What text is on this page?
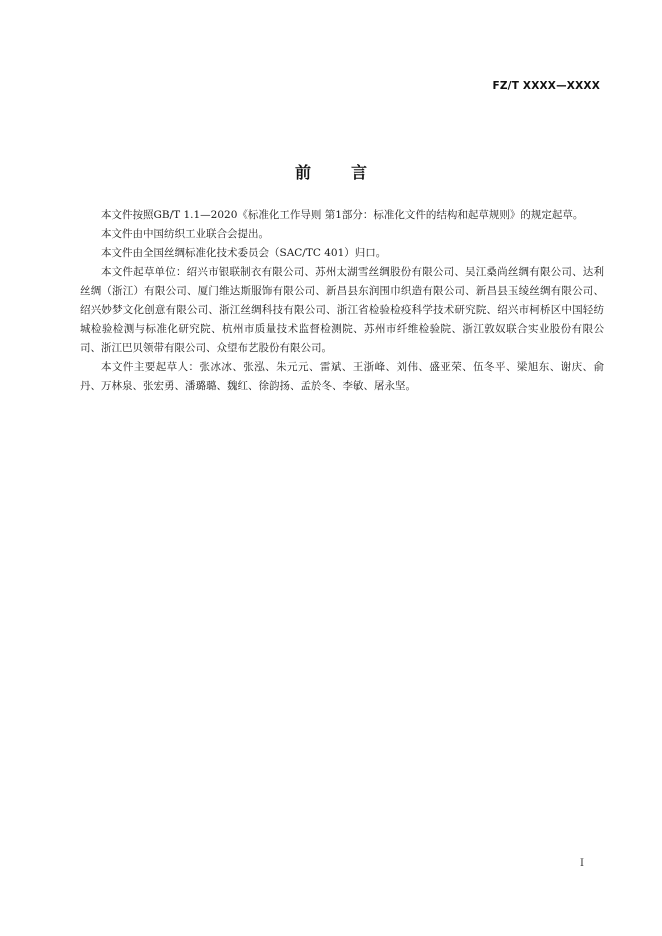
FZ/T XXXX—XXXX
前言

本文件按照GB/T 1.1—2020《标准化工作导则 第1部分：标准化文件的结构和起草规则》的规定起草。

本文件由中国纺织工业联合会提出。

本文件由全国丝绸标准化技术委员会（SAC/TC 401）归口。

本文件起草单位：绍兴市银联制衣有限公司、苏州太湖雪丝绸股份有限公司、吴江桑尚丝绸有限公司、达利丝绸（浙江）有限公司、厦门维达斯服饰有限公司、新昌县东润围巾织造有限公司、新昌县玉绫丝绸有限公司、绍兴妙梦文化创意有限公司、浙江丝绸科技有限公司、浙江省检验检疫科学技术研究院、绍兴市柯桥区中国轻纺城检验检测与标准化研究院、杭州市质量技术监督检测院、苏州市纤维检验院、浙江敦奴联合实业股份有限公司、浙江巴贝领带有限公司、众望布艺股份有限公司。

本文件主要起草人：张冰冰、张泓、朱元元、雷斌、王浙峰、刘伟、盛亚荣、伍冬平、梁旭东、谢庆、俞丹、万林泉、张宏勇、潘璐璐、魏红、徐韵扬、孟於冬、李敏、屠永坚。

I
